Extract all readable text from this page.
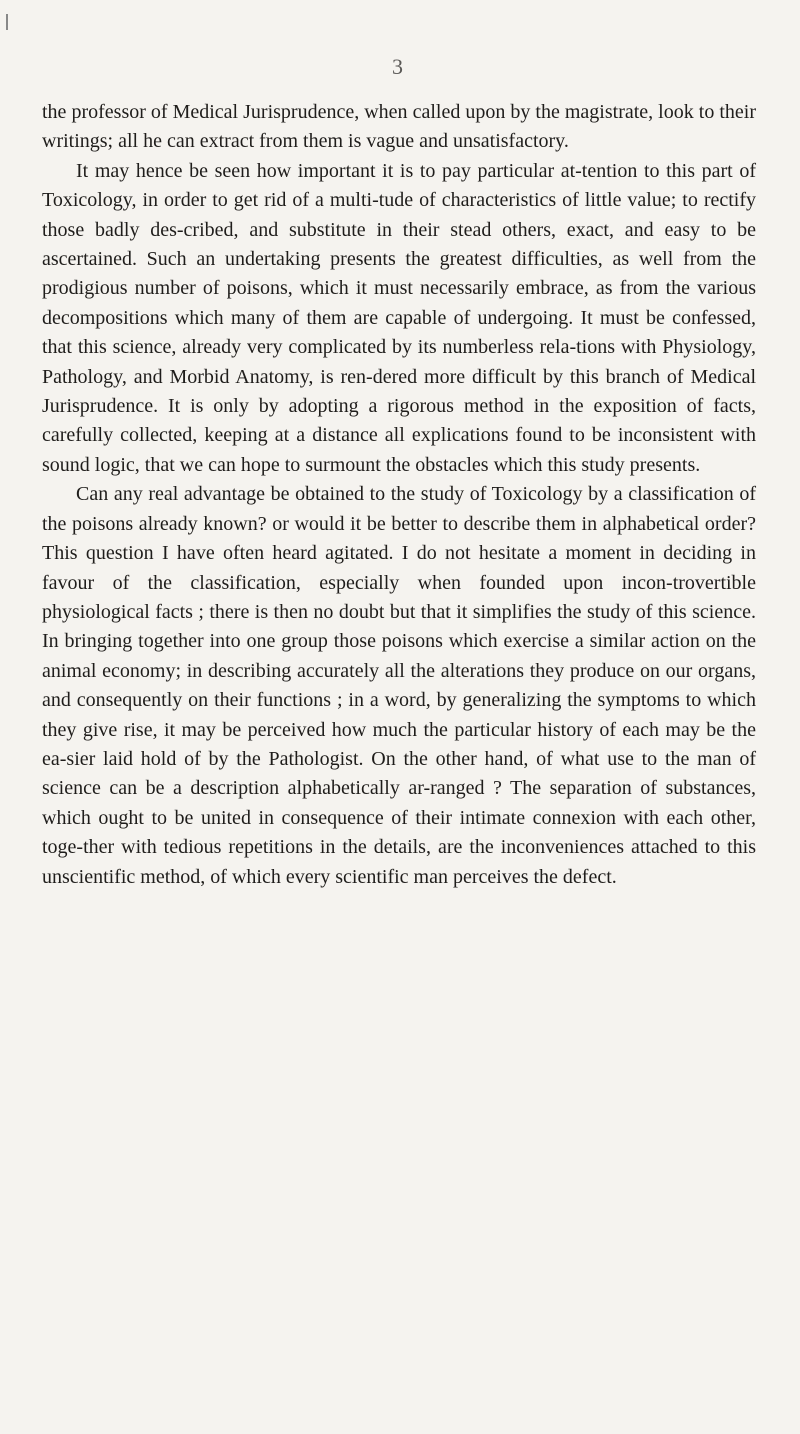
3

the professor of Medical Jurisprudence, when called upon by the magistrate, look to their writings; all he can extract from them is vague and unsatisfactory.

It may hence be seen how important it is to pay particular at-tention to this part of Toxicology, in order to get rid of a multi-tude of characteristics of little value; to rectify those badly des-cribed, and substitute in their stead others, exact, and easy to be ascertained. Such an undertaking presents the greatest difficulties, as well from the prodigious number of poisons, which it must necessarily embrace, as from the various decompositions which many of them are capable of undergoing. It must be confessed, that this science, already very complicated by its numberless rela-tions with Physiology, Pathology, and Morbid Anatomy, is ren-dered more difficult by this branch of Medical Jurisprudence. It is only by adopting a rigorous method in the exposition of facts, carefully collected, keeping at a distance all explications found to be inconsistent with sound logic, that we can hope to surmount the obstacles which this study presents.

Can any real advantage be obtained to the study of Toxicology by a classification of the poisons already known? or would it be better to describe them in alphabetical order? This question I have often heard agitated. I do not hesitate a moment in deciding in favour of the classification, especially when founded upon incon-trovertible physiological facts ; there is then no doubt but that it simplifies the study of this science. In bringing together into one group those poisons which exercise a similar action on the animal economy; in describing accurately all the alterations they produce on our organs, and consequently on their functions ; in a word, by generalizing the symptoms to which they give rise, it may be perceived how much the particular history of each may be the ea-sier laid hold of by the Pathologist. On the other hand, of what use to the man of science can be a description alphabetically ar-ranged ? The separation of substances, which ought to be united in consequence of their intimate connexion with each other, toge-ther with tedious repetitions in the details, are the inconveniences attached to this unscientific method, of which every scientific man perceives the defect.
